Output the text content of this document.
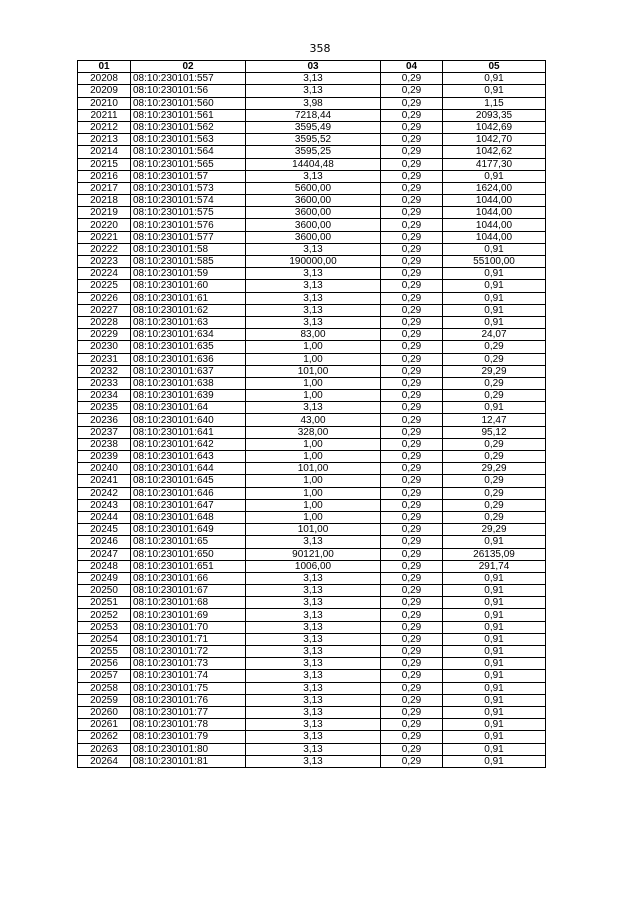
358
01	02	03	04	05
20208	08:10:230101:557	3,13	0,29	0,91
20209	08:10:230101:56	3,13	0,29	0,91
20210	08:10:230101:560	3,98	0,29	1,15
20211	08:10:230101:561	7218,44	0,29	2093,35
20212	08:10:230101:562	3595,49	0,29	1042,69
20213	08:10:230101:563	3595,52	0,29	1042,70
20214	08:10:230101:564	3595,25	0,29	1042,62
20215	08:10:230101:565	14404,48	0,29	4177,30
20216	08:10:230101:57	3,13	0,29	0,91
20217	08:10:230101:573	5600,00	0,29	1624,00
20218	08:10:230101:574	3600,00	0,29	1044,00
20219	08:10:230101:575	3600,00	0,29	1044,00
20220	08:10:230101:576	3600,00	0,29	1044,00
20221	08:10:230101:577	3600,00	0,29	1044,00
20222	08:10:230101:58	3,13	0,29	0,91
20223	08:10:230101:585	190000,00	0,29	55100,00
20224	08:10:230101:59	3,13	0,29	0,91
20225	08:10:230101:60	3,13	0,29	0,91
20226	08:10:230101:61	3,13	0,29	0,91
20227	08:10:230101:62	3,13	0,29	0,91
20228	08:10:230101:63	3,13	0,29	0,91
20229	08:10:230101:634	83,00	0,29	24,07
20230	08:10:230101:635	1,00	0,29	0,29
20231	08:10:230101:636	1,00	0,29	0,29
20232	08:10:230101:637	101,00	0,29	29,29
20233	08:10:230101:638	1,00	0,29	0,29
20234	08:10:230101:639	1,00	0,29	0,29
20235	08:10:230101:64	3,13	0,29	0,91
20236	08:10:230101:640	43,00	0,29	12,47
20237	08:10:230101:641	328,00	0,29	95,12
20238	08:10:230101:642	1,00	0,29	0,29
20239	08:10:230101:643	1,00	0,29	0,29
20240	08:10:230101:644	101,00	0,29	29,29
20241	08:10:230101:645	1,00	0,29	0,29
20242	08:10:230101:646	1,00	0,29	0,29
20243	08:10:230101:647	1,00	0,29	0,29
20244	08:10:230101:648	1,00	0,29	0,29
20245	08:10:230101:649	101,00	0,29	29,29
20246	08:10:230101:65	3,13	0,29	0,91
20247	08:10:230101:650	90121,00	0,29	26135,09
20248	08:10:230101:651	1006,00	0,29	291,74
20249	08:10:230101:66	3,13	0,29	0,91
20250	08:10:230101:67	3,13	0,29	0,91
20251	08:10:230101:68	3,13	0,29	0,91
20252	08:10:230101:69	3,13	0,29	0,91
20253	08:10:230101:70	3,13	0,29	0,91
20254	08:10:230101:71	3,13	0,29	0,91
20255	08:10:230101:72	3,13	0,29	0,91
20256	08:10:230101:73	3,13	0,29	0,91
20257	08:10:230101:74	3,13	0,29	0,91
20258	08:10:230101:75	3,13	0,29	0,91
20259	08:10:230101:76	3,13	0,29	0,91
20260	08:10:230101:77	3,13	0,29	0,91
20261	08:10:230101:78	3,13	0,29	0,91
20262	08:10:230101:79	3,13	0,29	0,91
20263	08:10:230101:80	3,13	0,29	0,91
20264	08:10:230101:81	3,13	0,29	0,91
